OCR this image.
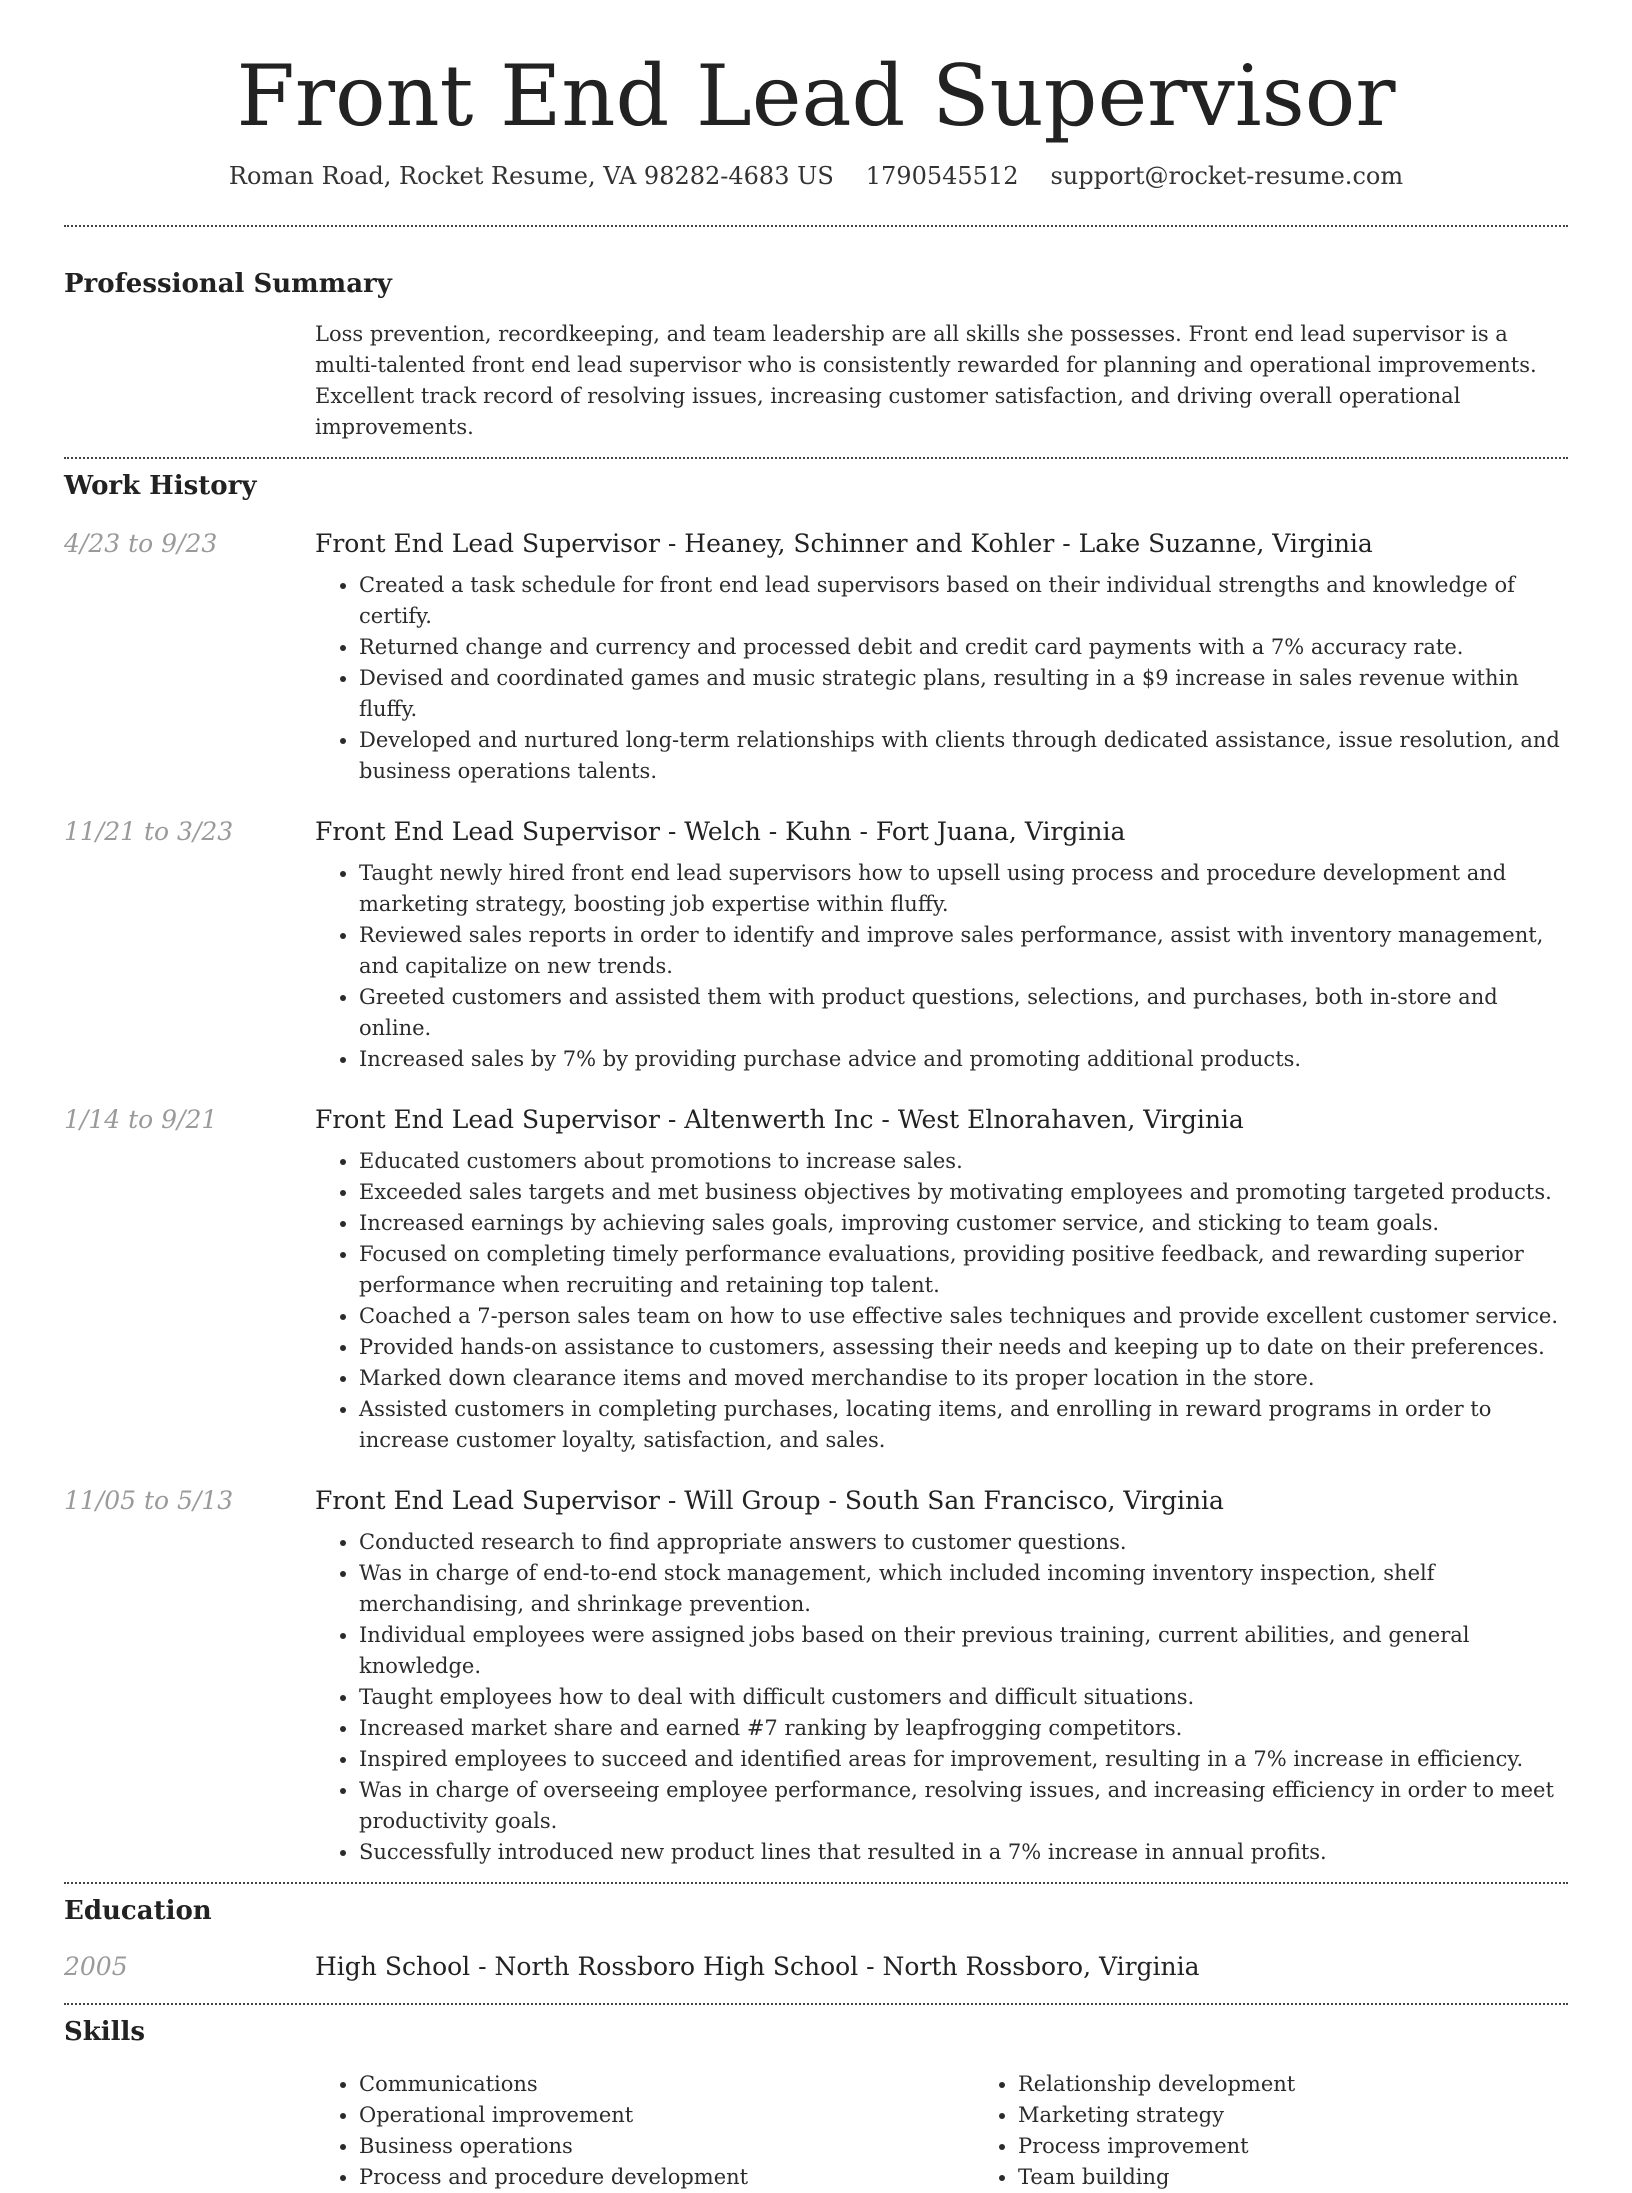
Front End Lead Supervisor
Roman Road, Rocket Resume, VA 98282-4683 US 1790545512 support@rocket-resume.com
Professional Summary
Loss prevention, recordkeeping, and team leadership are all skills she possesses. Front end lead supervisor is a multi-talented front end lead supervisor who is consistently rewarded for planning and operational improvements. Excellent track record of resolving issues, increasing customer satisfaction, and driving overall operational improvements.
Work History
4/23 to 9/23	Front End Lead Supervisor - Heaney, Schinner and Kohler - Lake Suzanne, Virginia
• Created a task schedule for front end lead supervisors based on their individual strengths and knowledge of certify.
• Returned change and currency and processed debit and credit card payments with a 7% accuracy rate.
• Devised and coordinated games and music strategic plans, resulting in a $9 increase in sales revenue within fluffy.
• Developed and nurtured long-term relationships with clients through dedicated assistance, issue resolution, and business operations talents.
11/21 to 3/23	Front End Lead Supervisor - Welch - Kuhn - Fort Juana, Virginia
• Taught newly hired front end lead supervisors how to upsell using process and procedure development and marketing strategy, boosting job expertise within fluffy.
• Reviewed sales reports in order to identify and improve sales performance, assist with inventory management, and capitalize on new trends.
• Greeted customers and assisted them with product questions, selections, and purchases, both in-store and online.
• Increased sales by 7% by providing purchase advice and promoting additional products.
1/14 to 9/21	Front End Lead Supervisor - Altenwerth Inc - West Elnorahaven, Virginia
• Educated customers about promotions to increase sales.
• Exceeded sales targets and met business objectives by motivating employees and promoting targeted products.
• Increased earnings by achieving sales goals, improving customer service, and sticking to team goals.
• Focused on completing timely performance evaluations, providing positive feedback, and rewarding superior performance when recruiting and retaining top talent.
• Coached a 7-person sales team on how to use effective sales techniques and provide excellent customer service.
• Provided hands-on assistance to customers, assessing their needs and keeping up to date on their preferences.
• Marked down clearance items and moved merchandise to its proper location in the store.
• Assisted customers in completing purchases, locating items, and enrolling in reward programs in order to increase customer loyalty, satisfaction, and sales.
11/05 to 5/13	Front End Lead Supervisor - Will Group - South San Francisco, Virginia
• Conducted research to find appropriate answers to customer questions.
• Was in charge of end-to-end stock management, which included incoming inventory inspection, shelf merchandising, and shrinkage prevention.
• Individual employees were assigned jobs based on their previous training, current abilities, and general knowledge.
• Taught employees how to deal with difficult customers and difficult situations.
• Increased market share and earned #7 ranking by leapfrogging competitors.
• Inspired employees to succeed and identified areas for improvement, resulting in a 7% increase in efficiency.
• Was in charge of overseeing employee performance, resolving issues, and increasing efficiency in order to meet productivity goals.
• Successfully introduced new product lines that resulted in a 7% increase in annual profits.
Education
2005	High School - North Rossboro High School - North Rossboro, Virginia
Skills
• Communications
• Operational improvement
• Business operations
• Process and procedure development
• Relationship development
• Marketing strategy
• Process improvement
• Team building
